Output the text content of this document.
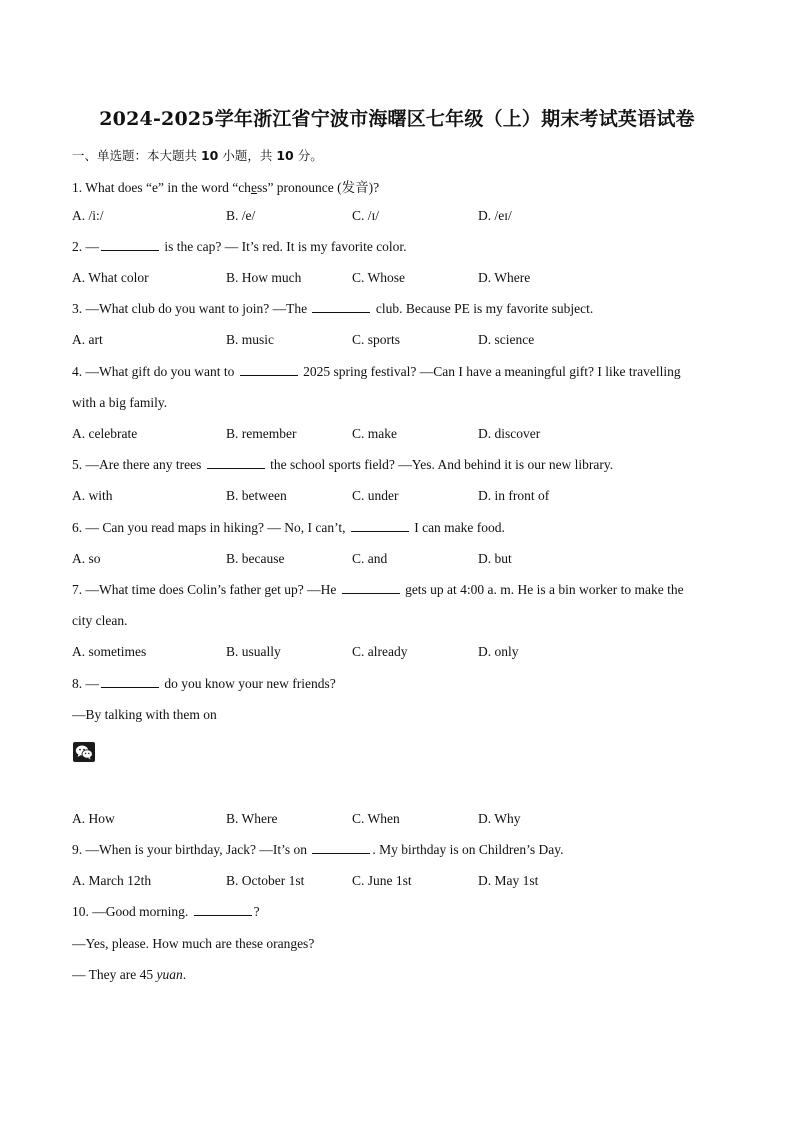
2024-2025学年浙江省宁波市海曙区七年级（上）期末考试英语试卷
一、单选题：本大题共 10 小题，共 10 分。
1. What does “e” in the word “chess” pronounce (发音)?
A. /i:/	B. /e/	C. /ɪ/	D. /eɪ/
2. —	is the cap? — It’s red. It is my favorite color.
A. What color	B. How much	C. Whose	D. Where
3. —What club do you want to join? —The	club. Because PE is my favorite subject.
A. art	B. music	C. sports	D. science
4. —What gift do you want to	2025 spring festival? —Can I have a meaningful gift? I like travelling
with a big family.
A. celebrate	B. remember	C. make	D. discover
5. —Are there any trees	the school sports field? —Yes. And behind it is our new library.
A. with	B. between	C. under	D. in front of
6. — Can you read maps in hiking? — No, I can’t,	I can make food.
A. so	B. because	C. and	D. but
7. —What time does Colin’s father get up? —He	gets up at 4:00 a. m. He is a bin worker to make the
city clean.
A. sometimes	B. usually	C. already	D. only
8. —	do you know your new friends?
—By talking with them on
A. How	B. Where	C. When	D. Why
9. —When is your birthday, Jack? —It’s on	. My birthday is on Children’s Day.
A. March 12th	B. October 1st	C. June 1st	D. May 1st
10. —Good morning.	?
—Yes, please. How much are these oranges?
— They are 45 yuan.
